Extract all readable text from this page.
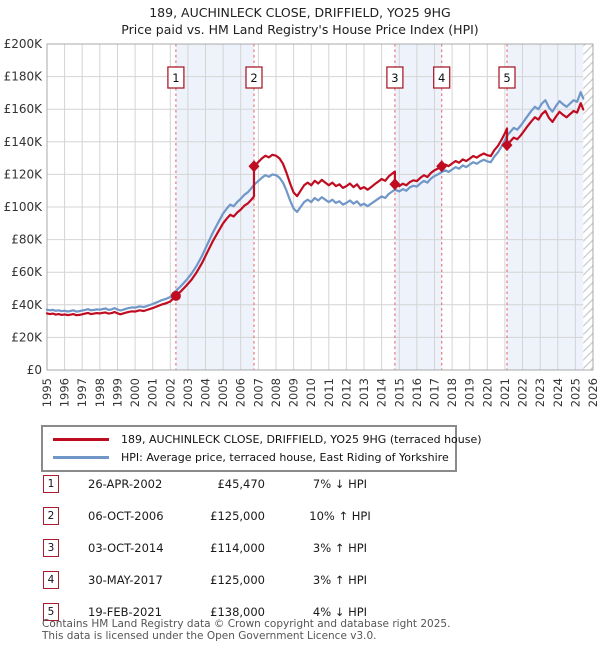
189, AUCHINLECK CLOSE, DRIFFIELD, YO25 9HG
Price paid vs. HM Land Registry's House Price Index (HPI)
1	2	3	4	5
£0
£20K
£40K
£60K
£80K
£100K
£120K
£140K
£160K
£180K
£200K
1995 1996 1997 1998 1999 2000 2001 2002 2003 2004 2005 2006 2007 2008 2009 2010 2011 2012 2013 2014 2015 2016 2017 2018 2019 2020 2021 2022 2023 2024 2025 2026
189, AUCHINLECK CLOSE, DRIFFIELD, YO25 9HG (terraced house)
HPI: Average price, terraced house, East Riding of Yorkshire
1	26-APR-2002	£45,470	7% ↓ HPI
2	06-OCT-2006	£125,000	10% ↑ HPI
3	03-OCT-2014	£114,000	3% ↑ HPI
4	30-MAY-2017	£125,000	3% ↑ HPI
5	19-FEB-2021	£138,000	4% ↓ HPI
Contains HM Land Registry data © Crown copyright and database right 2025.
This data is licensed under the Open Government Licence v3.0.
